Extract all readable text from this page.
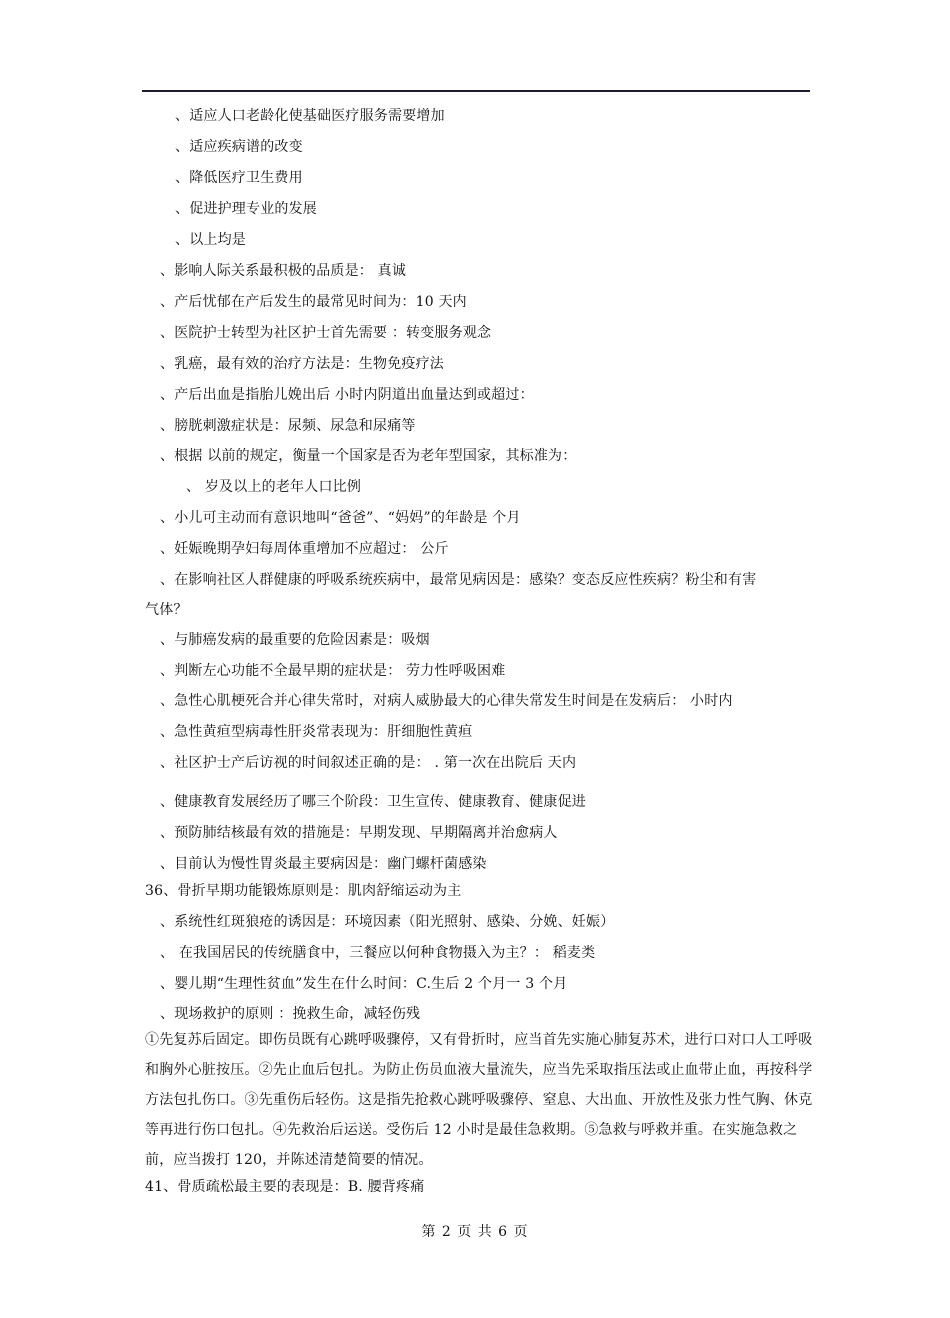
、适应人口老龄化使基础医疗服务需要增加
、适应疾病谱的改变
、降低医疗卫生费用
、促进护理专业的发展
、以上均是
、影响人际关系最积极的品质是： 真诚
、产后忧郁在产后发生的最常见时间为：10 天内
、医院护士转型为社区护士首先需要 ：转变服务观念
、乳癌，最有效的治疗方法是：生物免疫疗法
、产后出血是指胎儿娩出后 小时内阴道出血量达到或超过：
、膀胱刺激症状是：尿频、尿急和尿痛等
、根据 以前的规定，衡量一个国家是否为老年型国家，其标准为：
、 岁及以上的老年人口比例
、小儿可主动而有意识地叫“爸爸”、“妈妈”的年龄是 个月
、妊娠晚期孕妇每周体重增加不应超过： 公斤
、在影响社区人群健康的呼吸系统疾病中，最常见病因是：感染？变态反应性疾病？粉尘和有害
气体？
、与肺癌发病的最重要的危险因素是：吸烟
、判断左心功能不全最早期的症状是： 劳力性呼吸困难
、急性心肌梗死合并心律失常时，对病人威胁最大的心律失常发生时间是在发病后： 小时内
、急性黄疸型病毒性肝炎常表现为：肝细胞性黄疸
、社区护士产后访视的时间叙述正确的是： . 第一次在出院后 天内
、健康教育发展经历了哪三个阶段：卫生宣传、健康教育、健康促进
、预防肺结核最有效的措施是：早期发现、早期隔离并治愈病人
、目前认为慢性胃炎最主要病因是：幽门螺杆菌感染
36、骨折早期功能锻炼原则是：肌肉舒缩运动为主
、系统性红斑狼疮的诱因是：环境因素（阳光照射、感染、分娩、妊娠）
、 在我国居民的传统膳食中，三餐应以何种食物摄入为主？： 稻麦类
、婴儿期“生理性贫血”发生在什么时间：C.生后 2 个月一 3 个月
、现场救护的原则 ：挽救生命，减轻伤残
①先复苏后固定。即伤员既有心跳呼吸骤停，又有骨折时，应当首先实施心肺复苏术，进行口对口人工呼吸和胸外心脏按压。②先止血后包扎。为防止伤员血液大量流失，应当先采取指压法或止血带止血，再按科学方法包扎伤口。③先重伤后轻伤。这是指先抢救心跳呼吸骤停、窒息、大出血、开放性及张力性气胸、休克等再进行伤口包扎。④先救治后运送。受伤后 12 小时是最佳急救期。⑤急救与呼救并重。在实施急救之前，应当拨打 120，并陈述清楚简要的情况。
41、骨质疏松最主要的表现是：B. 腰背疼痛
第 2 页 共 6 页
